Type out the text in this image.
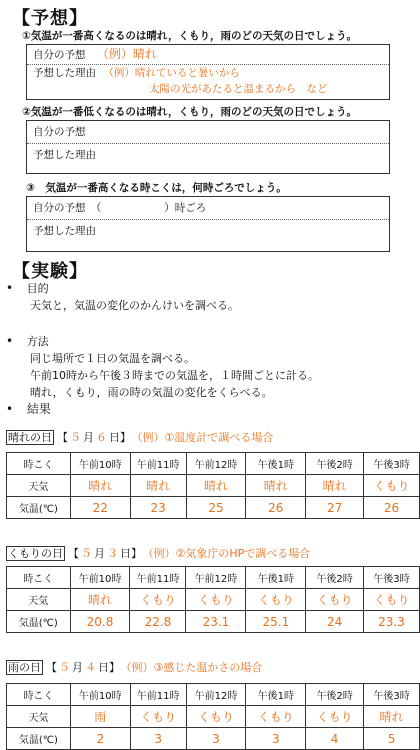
【予想】
①気温が一番高くなるのは晴れ，くもり，雨のどの天気の日でしょう。
自分の予想 （例）晴れ
予想した理由 （例）晴れていると暑いから
太陽の光があたると温まるから　など
②気温が一番低くなるのは晴れ，くもり，雨のどの天気の日でしょう。
自分の予想
予想した理由
③　気温が一番高くなる時こくは，何時ごろでしょう。
自分の予想　（　　　　　　）時ごろ
予想した理由
【実験】
• 目的
天気と，気温の変化のかんけいを調べる。
• 方法
同じ場所で１日の気温を調べる。
午前10時から午後３時までの気温を，１時間ごとに計る。
晴れ，くもり，雨の時の気温の変化をくらべる。
• 結果
晴れの日 【 ５ 月 ６ 日】 （例）①温度計で調べる場合
時こく	午前10時	午前11時	午前12時	午後1時	午後2時	午後3時
天気	晴れ	晴れ	晴れ	晴れ	晴れ	くもり
気温(℃)	22	23	25	26	27	26
くもりの日 【 ５ 月 ３ 日】 （例）②気象庁のHPで調べる場合
時こく	午前10時	午前11時	午前12時	午後1時	午後2時	午後3時
天気	晴れ	くもり	くもり	くもり	くもり	くもり
気温(℃)	20.8	22.8	23.1	25.1	24	23.3
雨の日 【 ５ 月 ４ 日】 （例）③感じた温かさの場合
時こく	午前10時	午前11時	午前12時	午後1時	午後2時	午後3時
天気	雨	くもり	くもり	くもり	くもり	晴れ
気温(℃)	2	3	3	3	4	5
